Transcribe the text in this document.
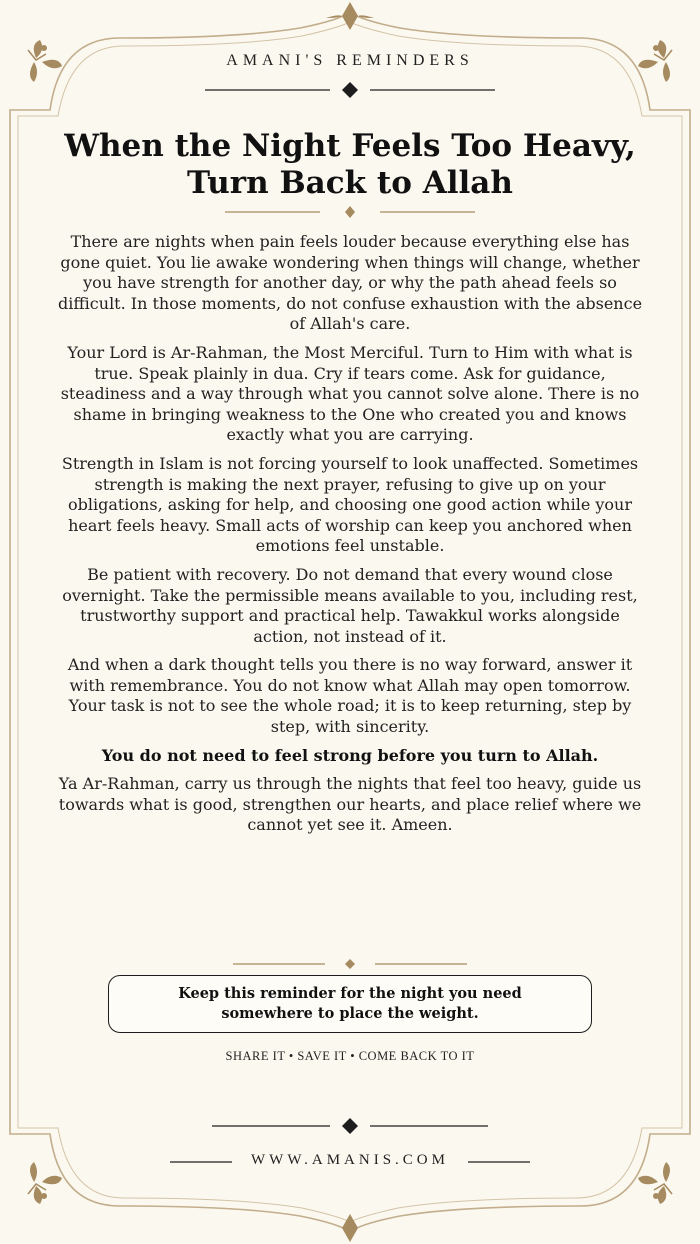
AMANI'S REMINDERS
When the Night Feels Too Heavy, Turn Back to Allah

There are nights when pain feels louder because everything else has gone quiet. You lie awake wondering when things will change, whether you have strength for another day, or why the path ahead feels so difficult. In those moments, do not confuse exhaustion with the absence of Allah's care.

Your Lord is Ar-Rahman, the Most Merciful. Turn to Him with what is true. Speak plainly in dua. Cry if tears come. Ask for guidance, steadiness and a way through what you cannot solve alone. There is no shame in bringing weakness to the One who created you and knows exactly what you are carrying.

Strength in Islam is not forcing yourself to look unaffected. Sometimes strength is making the next prayer, refusing to give up on your obligations, asking for help, and choosing one good action while your heart feels heavy. Small acts of worship can keep you anchored when emotions feel unstable.

Be patient with recovery. Do not demand that every wound close overnight. Take the permissible means available to you, including rest, trustworthy support and practical help. Tawakkul works alongside action, not instead of it.

And when a dark thought tells you there is no way forward, answer it with remembrance. You do not know what Allah may open tomorrow. Your task is not to see the whole road; it is to keep returning, step by step, with sincerity.

You do not need to feel strong before you turn to Allah.

Ya Ar-Rahman, carry us through the nights that feel too heavy, guide us towards what is good, strengthen our hearts, and place relief where we cannot yet see it. Ameen.

Keep this reminder for the night you need somewhere to place the weight.
SHARE IT • SAVE IT • COME BACK TO IT
WWW.AMANIS.COM
